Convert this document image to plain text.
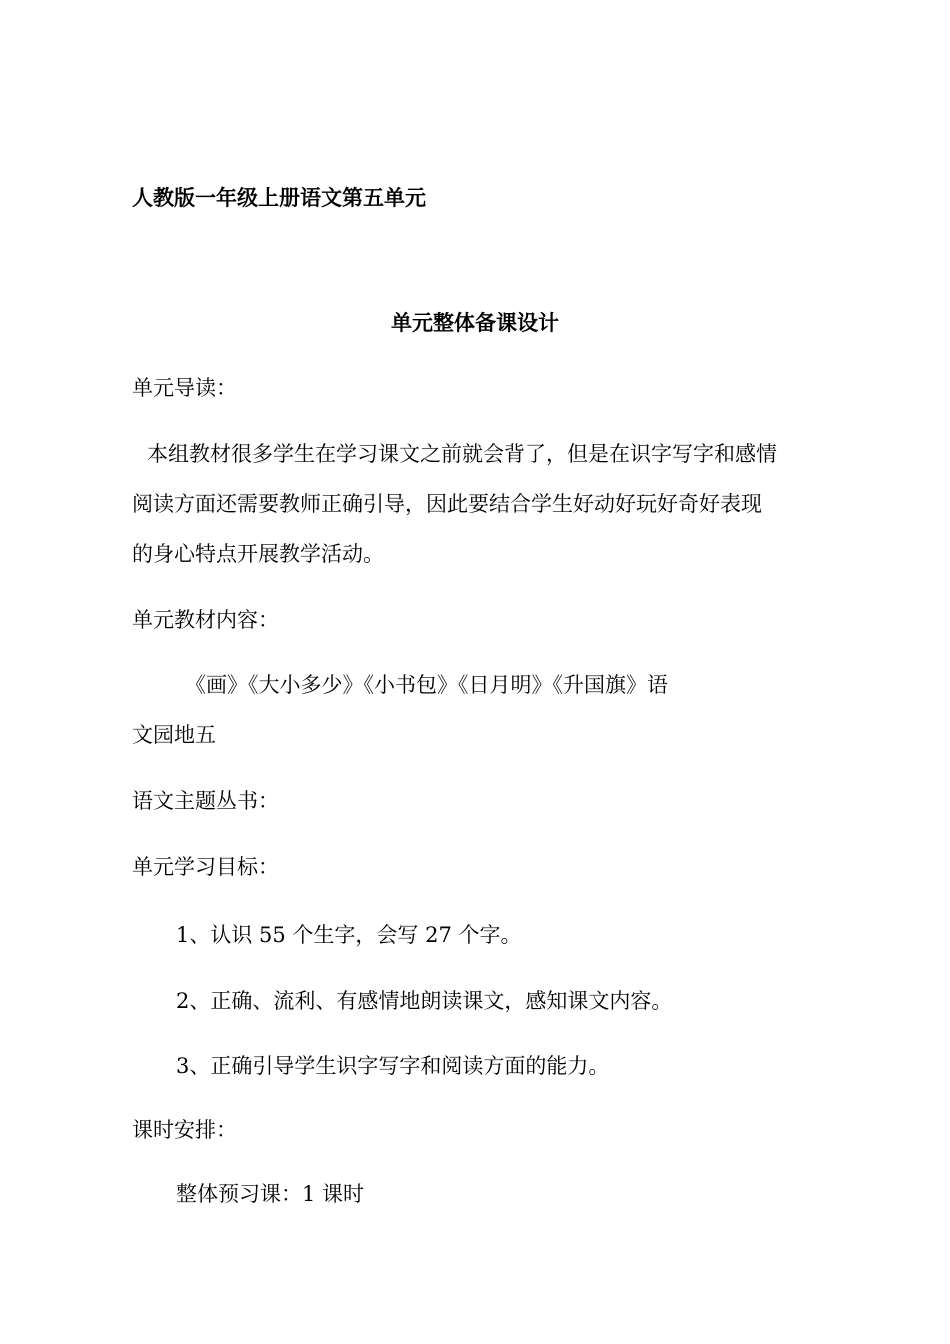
人教版一年级上册语文第五单元
单元整体备课设计
单元导读：
本组教材很多学生在学习课文之前就会背了，但是在识字写字和感情
阅读方面还需要教师正确引导，因此要结合学生好动好玩好奇好表现
的身心特点开展教学活动。
单元教材内容：
《画》《大小多少》《小书包》《日月明》《升国旗》语
文园地五
语文主题丛书：
单元学习目标：
1、认识 55 个生字，会写 27 个字。
2、正确、流利、有感情地朗读课文，感知课文内容。
3、正确引导学生识字写字和阅读方面的能力。
课时安排：
整体预习课：1 课时
